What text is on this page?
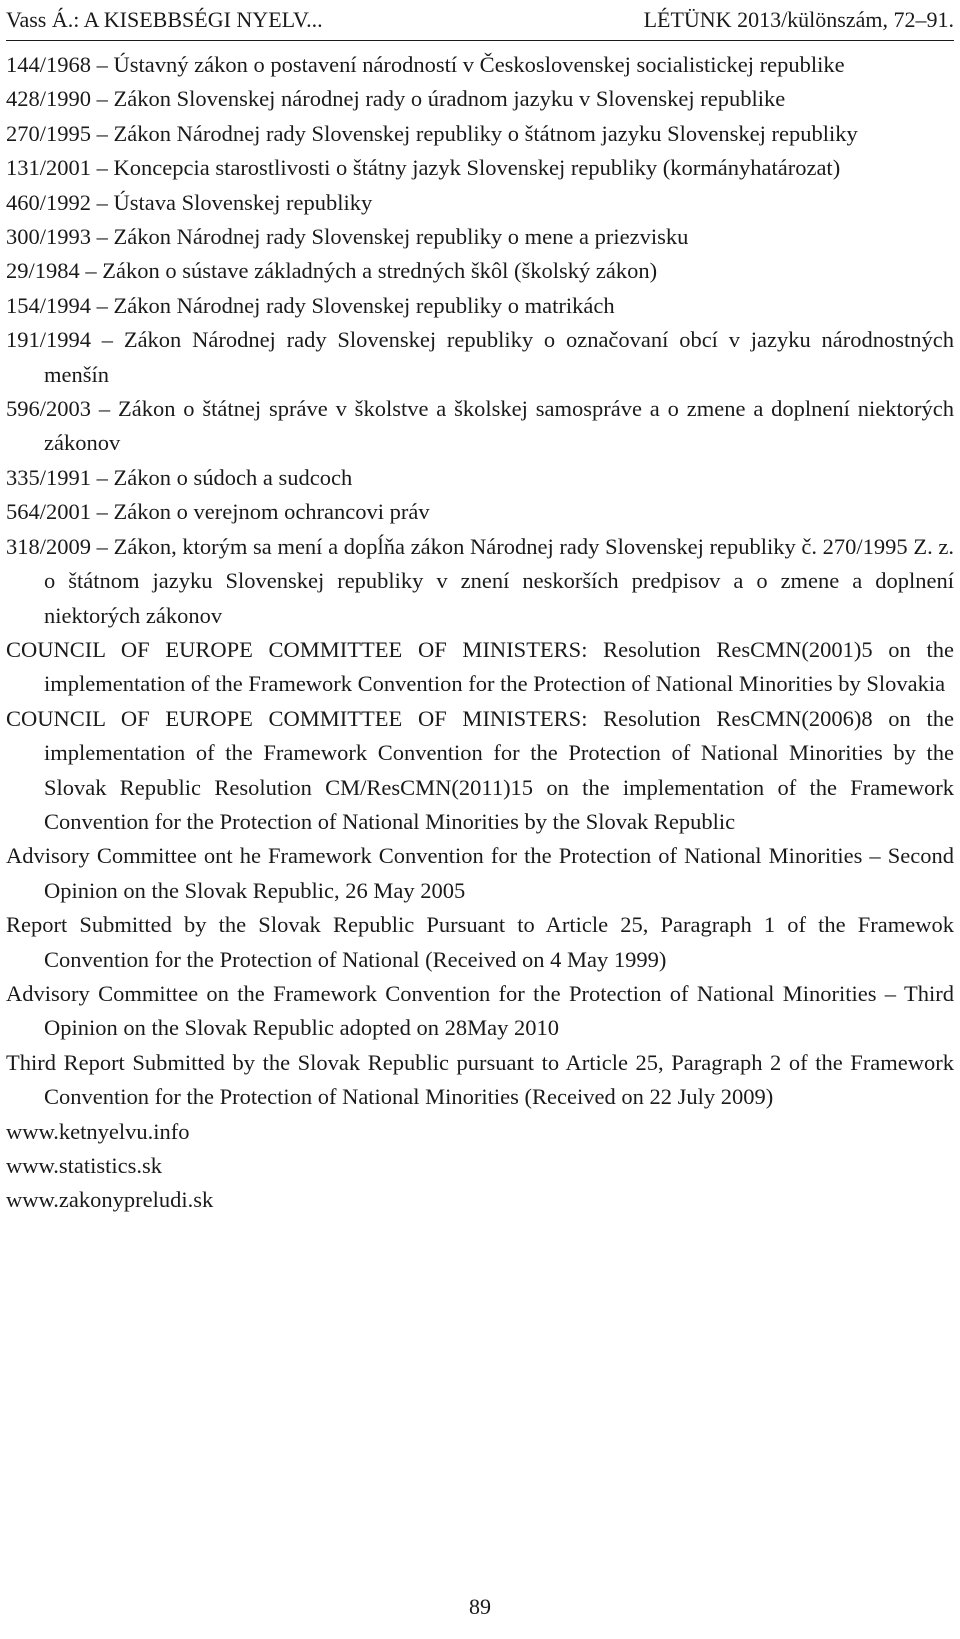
Vass Á.: A KISEBBSÉGI NYELV...	LÉTÜNK 2013/különszám, 72–91.
144/1968 – Ústavný zákon o postavení národností v Československej socialistickej republike
428/1990 – Zákon Slovenskej národnej rady o úradnom jazyku v Slovenskej republike
270/1995 – Zákon Národnej rady Slovenskej republiky o štátnom jazyku Slovenskej republiky
131/2001 – Koncepcia starostlivosti o štátny jazyk Slovenskej republiky (kormányhatározat)
460/1992 – Ústava Slovenskej republiky
300/1993 – Zákon Národnej rady Slovenskej republiky o mene a priezvisku
29/1984 – Zákon o sústave základných a stredných škôl (školský zákon)
154/1994 – Zákon Národnej rady Slovenskej republiky o matrikách
191/1994 – Zákon Národnej rady Slovenskej republiky o označovaní obcí v jazyku národnostných menšín
596/2003 – Zákon o štátnej správe v školstve a školskej samospráve a o zmene a doplnení niektorých zákonov
335/1991 – Zákon o súdoch a sudcoch
564/2001 – Zákon o verejnom ochrancovi práv
318/2009 – Zákon, ktorým sa mení a dopĺňa zákon Národnej rady Slovenskej republiky č. 270/1995 Z. z. o štátnom jazyku Slovenskej republiky v znení neskorších predpisov a o zmene a doplnení niektorých zákonov
COUNCIL OF EUROPE COMMITTEE OF MINISTERS: Resolution ResCMN(2001)5 on the implementation of the Framework Convention for the Protection of National Minorities by Slovakia
COUNCIL OF EUROPE COMMITTEE OF MINISTERS: Resolution ResCMN(2006)8 on the implementation of the Framework Convention for the Protection of National Minorities by the Slovak Republic Resolution CM/ResCMN(2011)15 on the implementation of the Framework Convention for the Protection of National Minorities by the Slovak Republic
Advisory Committee ont he Framework Convention for the Protection of National Minorities – Second Opinion on the Slovak Republic, 26 May 2005
Report Submitted by the Slovak Republic Pursuant to Article 25, Paragraph 1 of the Framewok Convention for the Protection of National (Received on 4 May 1999)
Advisory Committee on the Framework Convention for the Protection of National Minorities – Third Opinion on the Slovak Republic adopted on 28May 2010
Third Report Submitted by the Slovak Republic pursuant to Article 25, Paragraph 2 of the Framework Convention for the Protection of National Minorities (Received on 22 July 2009)
www.ketnyelvu.info
www.statistics.sk
www.zakonypreludi.sk
89
